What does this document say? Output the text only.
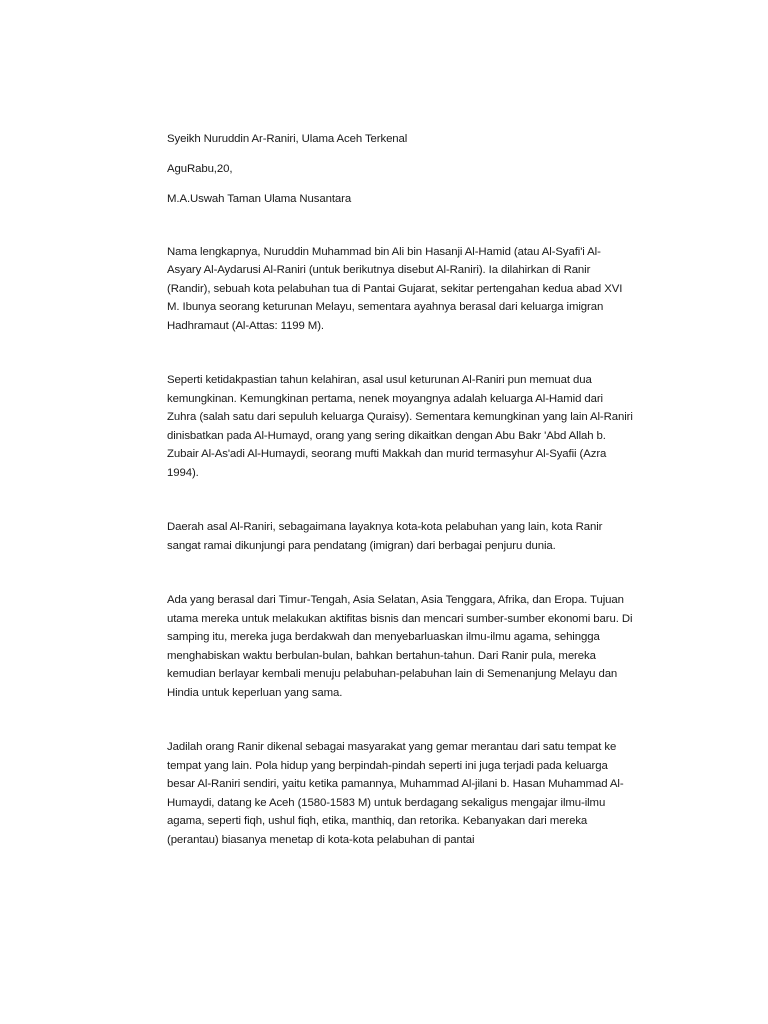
Syeikh Nuruddin Ar-Raniri, Ulama Aceh Terkenal

AguRabu,20,

M.A.Uswah Taman Ulama Nusantara

Nama lengkapnya, Nuruddin Muhammad bin Ali bin Hasanji Al-Hamid (atau Al-Syafi'i Al-Asyary Al-Aydarusi Al-Raniri (untuk berikutnya disebut Al-Raniri). Ia dilahirkan di Ranir (Randir), sebuah kota pelabuhan tua di Pantai Gujarat, sekitar pertengahan kedua abad XVI M. Ibunya seorang keturunan Melayu, sementara ayahnya berasal dari keluarga imigran Hadhramaut (Al-Attas: 1199 M).

Seperti ketidakpastian tahun kelahiran, asal usul keturunan Al-Raniri pun memuat dua kemungkinan. Kemungkinan pertama, nenek moyangnya adalah keluarga Al-Hamid dari Zuhra (salah satu dari sepuluh keluarga Quraisy). Sementara kemungkinan yang lain Al-Raniri dinisbatkan pada Al-Humayd, orang yang sering dikaitkan dengan Abu Bakr 'Abd Allah b. Zubair Al-As'adi Al-Humaydi, seorang mufti Makkah dan murid termasyhur Al-Syafii (Azra 1994).

Daerah asal Al-Raniri, sebagaimana layaknya kota-kota pelabuhan yang lain, kota Ranir sangat ramai dikunjungi para pendatang (imigran) dari berbagai penjuru dunia.

Ada yang berasal dari Timur-Tengah, Asia Selatan, Asia Tenggara, Afrika, dan Eropa. Tujuan utama mereka untuk melakukan aktifitas bisnis dan mencari sumber-sumber ekonomi baru. Di samping itu, mereka juga berdakwah dan menyebarluaskan ilmu-ilmu agama, sehingga menghabiskan waktu berbulan-bulan, bahkan bertahun-tahun. Dari Ranir pula, mereka kemudian berlayar kembali menuju pelabuhan-pelabuhan lain di Semenanjung Melayu dan Hindia untuk keperluan yang sama.

Jadilah orang Ranir dikenal sebagai masyarakat yang gemar merantau dari satu tempat ke tempat yang lain. Pola hidup yang berpindah-pindah seperti ini juga terjadi pada keluarga besar Al-Raniri sendiri, yaitu ketika pamannya, Muhammad Al-jilani b. Hasan Muhammad Al-Humaydi, datang ke Aceh (1580-1583 M) untuk berdagang sekaligus mengajar ilmu-ilmu agama, seperti fiqh, ushul fiqh, etika, manthiq, dan retorika. Kebanyakan dari mereka (perantau) biasanya menetap di kota-kota pelabuhan di pantai
